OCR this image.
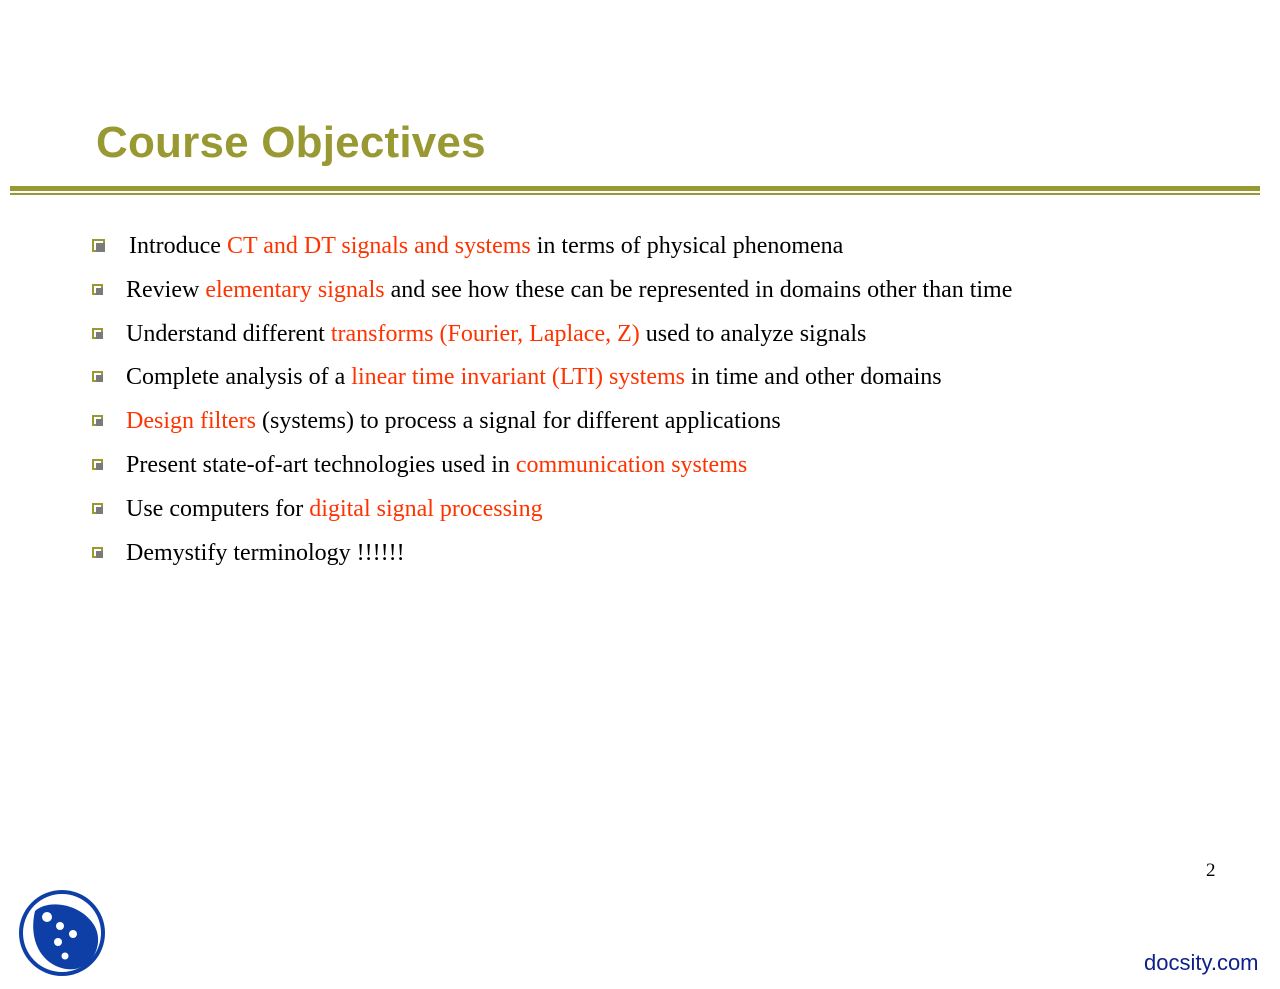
Course Objectives
Introduce CT and DT signals and systems in terms of physical phenomena
Review elementary signals and see how these can be represented in domains other than time
Understand different transforms (Fourier, Laplace, Z) used to analyze signals
Complete analysis of a linear time invariant (LTI) systems in time and other domains
Design filters (systems) to process a signal for different applications
Present state-of-art technologies used in communication systems
Use computers for digital signal processing
Demystify terminology !!!!!!
2
docsity.com
